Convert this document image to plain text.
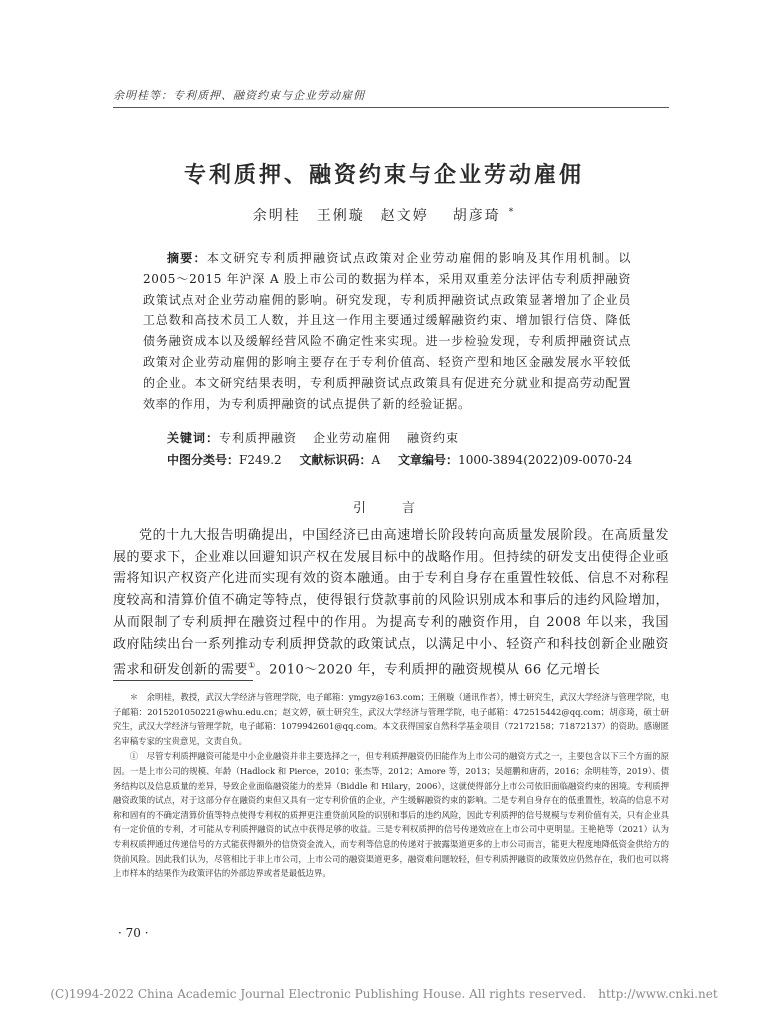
余明桂等：专利质押、融资约束与企业劳动雇佣
专利质押、融资约束与企业劳动雇佣
余明桂 王俐璇 赵文婷 胡彦琦 *

摘要：本文研究专利质押融资试点政策对企业劳动雇佣的影响及其作用机制。以 2005～2015 年沪深 A 股上市公司的数据为样本，采用双重差分法评估专利质押融资政策试点对企业劳动雇佣的影响。研究发现，专利质押融资试点政策显著增加了企业员工总数和高技术员工人数，并且这一作用主要通过缓解融资约束、增加银行信贷、降低债务融资成本以及缓解经营风险不确定性来实现。进一步检验发现，专利质押融资试点政策对企业劳动雇佣的影响主要存在于专利价值高、轻资产型和地区金融发展水平较低的企业。本文研究结果表明，专利质押融资试点政策具有促进充分就业和提高劳动配置效率的作用，为专利质押融资的试点提供了新的经验证据。

关键词：专利质押融资 企业劳动雇佣 融资约束
中图分类号：F249.2 文献标识码：A 文章编号：1000-3894(2022)09-0070-24
引言

党的十九大报告明确提出，中国经济已由高速增长阶段转向高质量发展阶段。在高质量发展的要求下，企业难以回避知识产权在发展目标中的战略作用。但持续的研发支出使得企业亟需将知识产权资产化进而实现有效的资本融通。由于专利自身存在重置性较低、信息不对称程度较高和清算价值不确定等特点，使得银行贷款事前的风险识别成本和事后的违约风险增加，从而限制了专利质押在融资过程中的作用。为提高专利的融资作用，自 2008 年以来，我国政府陆续出台一系列推动专利质押贷款的政策试点，以满足中小、轻资产和科技创新企业融资需求和研发创新的需要①。2010～2020 年，专利质押的融资规模从 66 亿元增长

＊　余明桂，教授，武汉大学经济与管理学院，电子邮箱：ymgyz@163.com；王俐璇（通讯作者），博士研究生，武汉大学经济与管理学院，电子邮箱：2015201050221@whu.edu.cn；赵文婷，硕士研究生，武汉大学经济与管理学院，电子邮箱：472515442@qq.com；胡彦琦，硕士研究生，武汉大学经济与管理学院，电子邮箱：1079942601@qq.com。本文获得国家自然科学基金项目（72172158；71872137）的资助。感谢匿名审稿专家的宝贵意见，文责自负。

①　尽管专利质押融资可能是中小企业融资并非主要选择之一，但专利质押融资仍旧能作为上市公司的融资方式之一，主要包含以下三个方面的原因。一是上市公司的规模、年龄（Hadlock 和 Pierce，2010；张杰等，2012；Amore 等，2013；吴超鹏和唐菂，2016；余明桂等，2019）、债务结构以及信息质量的差异，导致企业面临融资能力的差异（Biddle 和 Hilary，2006），这就使得部分上市公司依旧面临融资约束的困境。专利质押融资政策的试点，对于这部分存在融资约束但又具有一定专利价值的企业，产生缓解融资约束的影响。二是专利自身存在的低重置性，较高的信息不对称和固有的不确定清算价值等特点使得专利权的质押更注重贷前风险的识别和事后的违约风险，因此专利质押的信号规模与专利价值有关，只有企业具有一定价值的专利，才可能从专利质押融资的试点中获得足够的收益。三是专利权质押的信号传递效应在上市公司中更明显。王艳艳等（2021）认为专利权质押通过传递信号的方式能获得额外的信贷资金流入，而专利等信息的传递对于披露渠道更多的上市公司而言，能更大程度地降低资金供给方的贷前风险。因此我们认为，尽管相比于非上市公司，上市公司的融资渠道更多，融资难问题较轻，但专利质押融资的政策效应仍然存在，我们也可以将上市样本的结果作为政策评估的外部边界或者是最低边界。

· 70 ·
(C)1994-2022 China Academic Journal Electronic Publishing House. All rights reserved.　http://www.cnki.net
